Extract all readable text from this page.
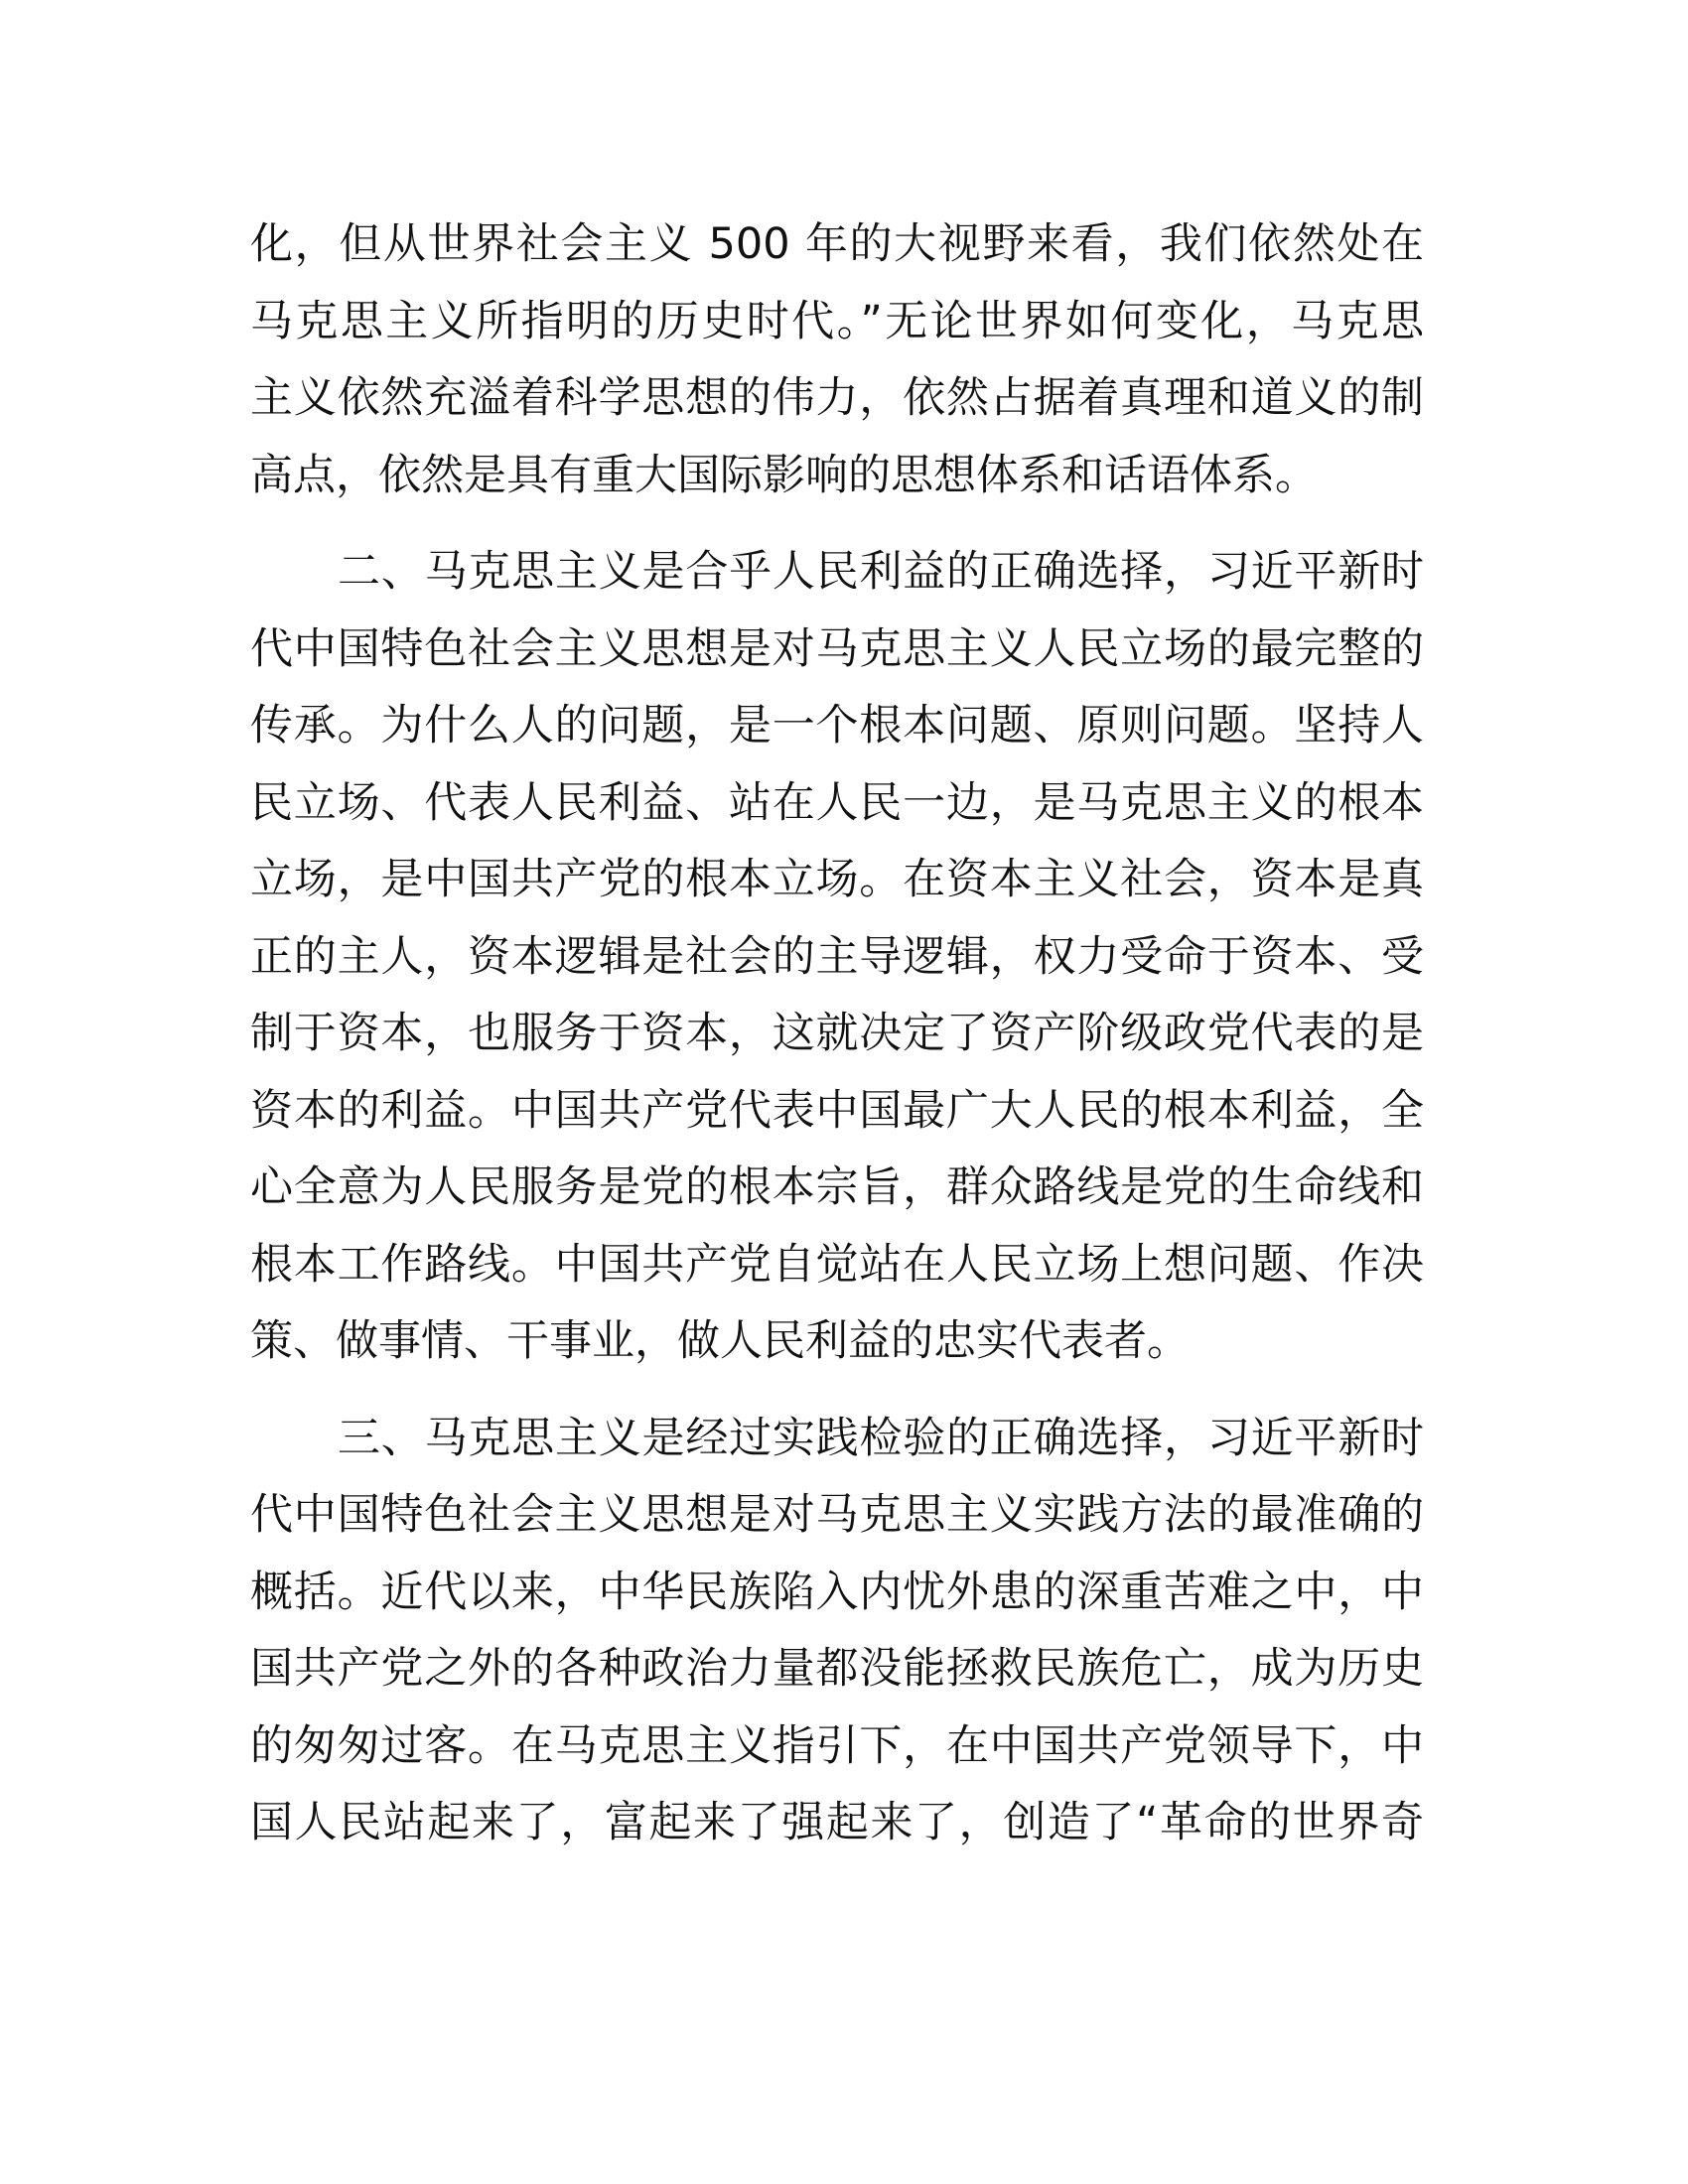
化，但从世界社会主义 500 年的大视野来看，我们依然处在
马克思主义所指明的历史时代。”无论世界如何变化，马克思
主义依然充溢着科学思想的伟力，依然占据着真理和道义的制
高点，依然是具有重大国际影响的思想体系和话语体系。
二、马克思主义是合乎人民利益的正确选择，习近平新时
代中国特色社会主义思想是对马克思主义人民立场的最完整的
传承。为什么人的问题，是一个根本问题、原则问题。坚持人
民立场、代表人民利益、站在人民一边，是马克思主义的根本
立场，是中国共产党的根本立场。在资本主义社会，资本是真
正的主人，资本逻辑是社会的主导逻辑，权力受命于资本、受
制于资本，也服务于资本，这就决定了资产阶级政党代表的是
资本的利益。中国共产党代表中国最广大人民的根本利益，全
心全意为人民服务是党的根本宗旨，群众路线是党的生命线和
根本工作路线。中国共产党自觉站在人民立场上想问题、作决
策、做事情、干事业，做人民利益的忠实代表者。
三、马克思主义是经过实践检验的正确选择，习近平新时
代中国特色社会主义思想是对马克思主义实践方法的最准确的
概括。近代以来，中华民族陷入内忧外患的深重苦难之中，中
国共产党之外的各种政治力量都没能拯救民族危亡，成为历史
的匆匆过客。在马克思主义指引下，在中国共产党领导下，中
国人民站起来了，富起来了强起来了，创造了“革命的世界奇
